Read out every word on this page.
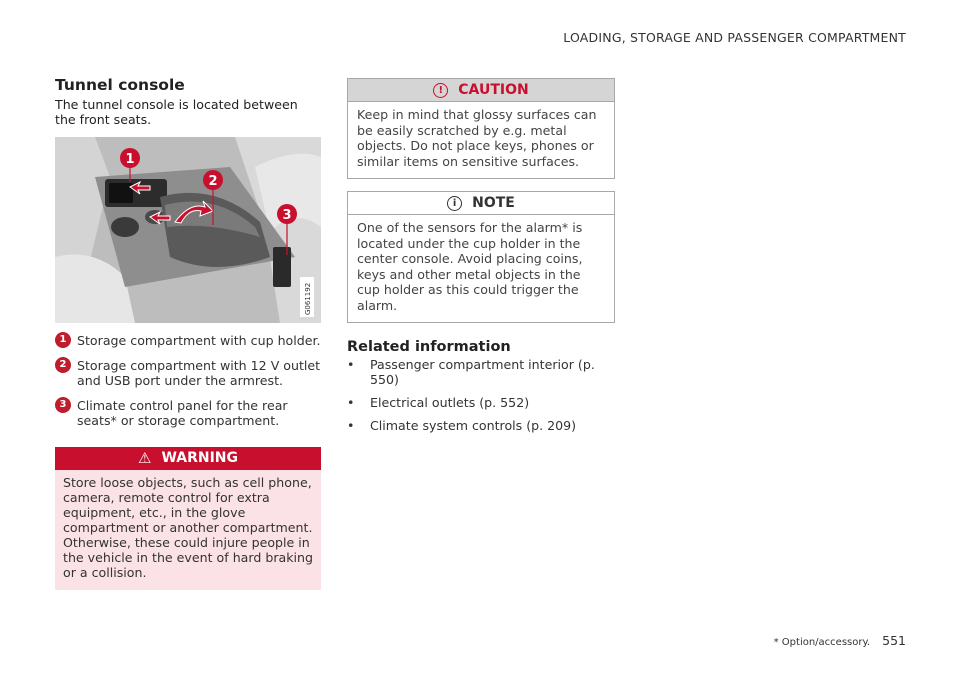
LOADING, STORAGE AND PASSENGER COMPARTMENT
Tunnel console

The tunnel console is located between the front seats.

1
2
3
G061192
1 Storage compartment with cup holder.
2 Storage compartment with 12 V outlet and USB port under the armrest.
3 Climate control panel for the rear seats* or storage compartment.
⚠ WARNING
Store loose objects, such as cell phone, camera, remote control for extra equipment, etc., in the glove compartment or another compartment. Otherwise, these could injure people in the vehicle in the event of hard braking or a collision.
!	CAUTION
Keep in mind that glossy surfaces can be easily scratched by e.g. metal objects. Do not place keys, phones or similar items on sensitive surfaces.
i	NOTE
One of the sensors for the alarm* is located under the cup holder in the center console. Avoid placing coins, keys and other metal objects in the cup holder as this could trigger the alarm.
Related information
•	Passenger compartment interior (p. 550)
•	Electrical outlets (p. 552)
•	Climate system controls (p. 209)
* Option/accessory. 551
